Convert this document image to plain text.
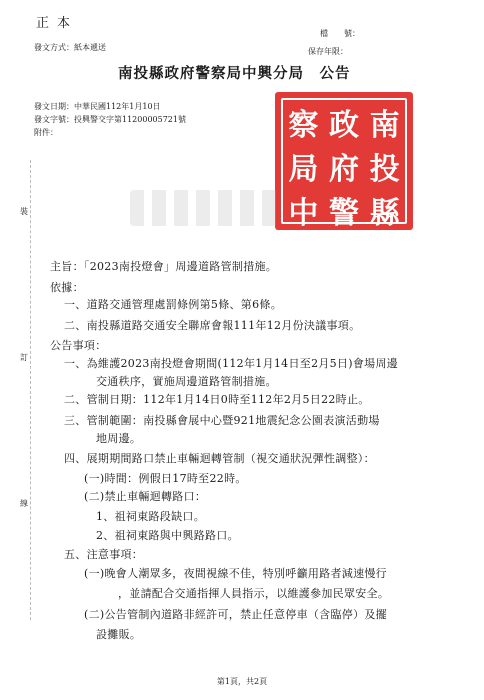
正本
發文方式：紙本遞送
檔　　號：
保存年限：
南投縣政府警察局中興分局　公告
發文日期：中華民國112年1月10日
發文字號：投興警交字第11200005721號
附件：	南
投
縣
政
府
警
察
局
中
裝
訂
線
主旨：「2023南投燈會」周邊道路管制措施。
依據：
一、道路交通管理處罰條例第5條、第6條。
二、南投縣道路交通安全聯席會報111年12月份決議事項。
公告事項：
一、為維護2023南投燈會期間(112年1月14日至2月5日)會場周邊
交通秩序，實施周邊道路管制措施。
二、管制日期：112年1月14日0時至112年2月5日22時止。
三、管制範圍：南投縣會展中心暨921地震紀念公園表演活動場
地周邊。
四、展期期間路口禁止車輛迴轉管制（視交通狀況彈性調整）：
(一)時間：例假日17時至22時。
(二)禁止車輛迴轉路口：
1、祖祠東路段缺口。
2、祖祠東路與中興路路口。
五、注意事項：
(一)晚會人潮眾多，夜間視線不佳，特別呼籲用路者減速慢行
，並請配合交通指揮人員指示，以維護參加民眾安全。
(二)公告管制內道路非經許可，禁止任意停車（含臨停）及擺
設攤販。
第1頁，共2頁
